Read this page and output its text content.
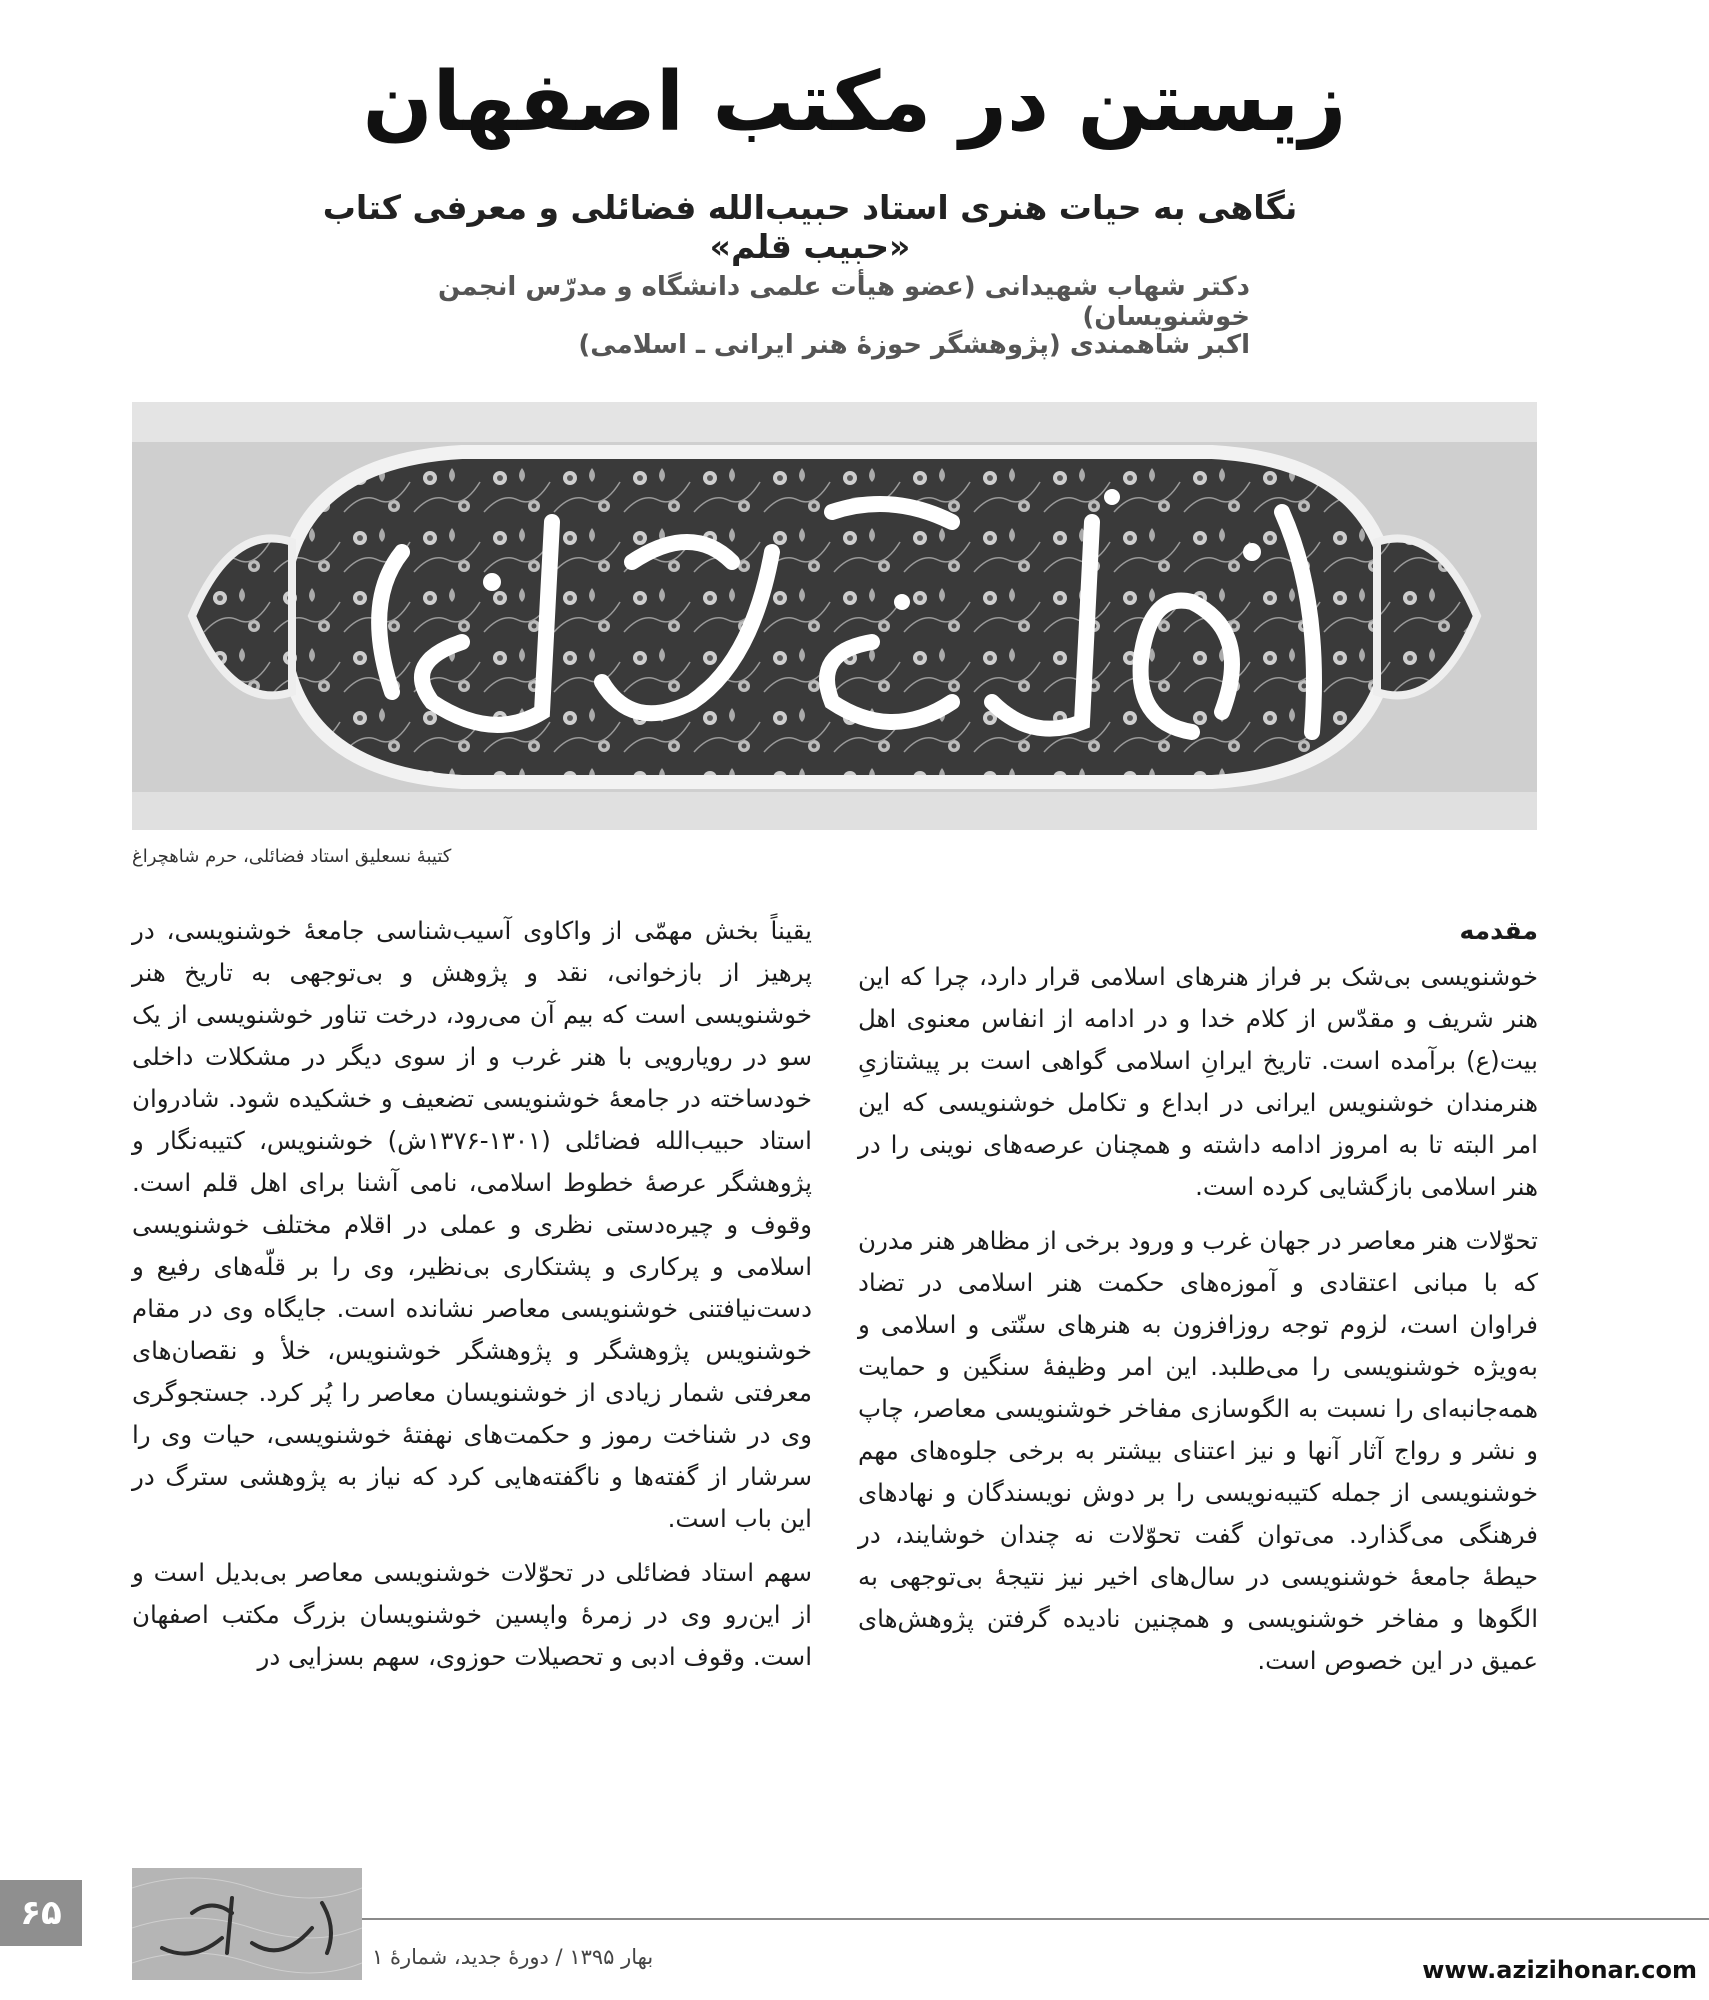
زیستن در مکتب اصفهان
نگاهی به حیات هنری استاد حبیب‌الله فضائلی و معرفی کتاب «حبیب قلم»
دکتر شهاب شهیدانی (عضو هیأت علمی دانشگاه و مدرّس انجمن خوشنویسان)
اکبر شاهمندی (پژوهشگر حوزهٔ هنر ایرانی ـ اسلامی)
کتیبهٔ نسعلیق استاد فضائلی، حرم شاهچراغ

مقدمه

خوشنویسی بی‌شک بر فراز هنرهای اسلامی قرار دارد، چرا که این هنر شریف و مقدّس از کلام خدا و در ادامه از انفاس معنوی اهل بیت(ع) برآمده است. تاریخ ایرانِ اسلامی گواهی است بر پیشتازیِ هنرمندان خوشنویس ایرانی در ابداع و تکامل خوشنویسی که این امر البته تا به امروز ادامه داشته و همچنان عرصه‌های نوینی را در هنر اسلامی بازگشایی کرده است.

تحوّلات هنر معاصر در جهان غرب و ورود برخی از مظاهر هنر مدرن که با مبانی اعتقادی و آموزه‌های حکمت هنر اسلامی در تضاد فراوان است، لزوم توجه روزافزون به هنرهای سنّتی و اسلامی و به‌ویژه خوشنویسی را می‌طلبد. این امر وظیفهٔ سنگین و حمایت همه‌جانبه‌ای را نسبت به الگوسازی مفاخر خوشنویسی معاصر، چاپ و نشر و رواج آثار آنها و نیز اعتنای بیشتر به برخی جلوه‌های مهم خوشنویسی از جمله کتیبه‌نویسی را بر دوش نویسندگان و نهادهای فرهنگی می‌گذارد. می‌توان گفت تحوّلات نه چندان خوشایند، در حیطهٔ جامعهٔ خوشنویسی در سال‌های اخیر نیز نتیجهٔ بی‌توجهی به الگوها و مفاخر خوشنویسی و همچنین نادیده گرفتن پژوهش‌های عمیق در این خصوص است.

یقیناً بخش مهمّی از واکاوی آسیب‌شناسی جامعهٔ خوشنویسی، در پرهیز از بازخوانی، نقد و پژوهش و بی‌توجهی به تاریخ هنر خوشنویسی است که بیم آن می‌رود، درخت تناور خوشنویسی از یک سو در رویارویی با هنر غرب و از سوی دیگر در مشکلات داخلی خودساخته در جامعهٔ خوشنویسی تضعیف و خشکیده شود. شادروان استاد حبیب‌الله فضائلی (۱۳۰۱-۱۳۷۶ش) خوشنویس، کتیبه‌نگار و پژوهشگر عرصهٔ خطوط اسلامی، نامی آشنا برای اهل قلم است. وقوف و چیره‌دستی نظری و عملی در اقلام مختلف خوشنویسی اسلامی و پرکاری و پشتکاری بی‌نظیر، وی را بر قلّه‌های رفیع و دست‌نیافتنی خوشنویسی معاصر نشانده است. جایگاه وی در مقام خوشنویس پژوهشگر و پژوهشگر خوشنویس، خلأ و نقصان‌های معرفتی شمار زیادی از خوشنویسان معاصر را پُر کرد. جستجوگری وی در شناخت رموز و حکمت‌های نهفتهٔ خوشنویسی، حیات وی را سرشار از گفته‌ها و ناگفته‌هایی کرد که نیاز به پژوهشی سترگ در این باب است.

سهم استاد فضائلی در تحوّلات خوشنویسی معاصر بی‌بدیل است و از این‌رو وی در زمرهٔ واپسین خوشنویسان بزرگ مکتب اصفهان است. وقوف ادبی و تحصیلات حوزوی، سهم بسزایی در

۶۵
بهار ۱۳۹۵ / دورهٔ جدید، شمارهٔ ۱	www.azizihonar.com
